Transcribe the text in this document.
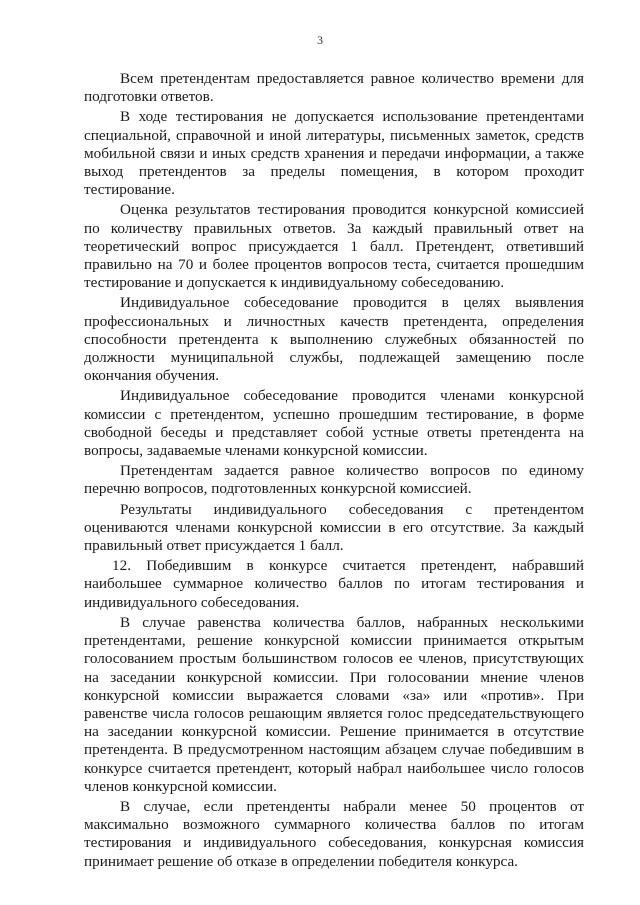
3

Всем претендентам предоставляется равное количество времени для подготовки ответов.

В ходе тестирования не допускается использование претендентами специальной, справочной и иной литературы, письменных заметок, средств мобильной связи и иных средств хранения и передачи информации, а также выход претендентов за пределы помещения, в котором проходит тестирование.

Оценка результатов тестирования проводится конкурсной комиссией по количеству правильных ответов. За каждый правильный ответ на теоретический вопрос присуждается 1 балл. Претендент, ответивший правильно на 70 и более процентов вопросов теста, считается прошедшим тестирование и допускается к индивидуальному собеседованию.

Индивидуальное собеседование проводится в целях выявления профессиональных и личностных качеств претендента, определения способности претендента к выполнению служебных обязанностей по должности муниципальной службы, подлежащей замещению после окончания обучения.

Индивидуальное собеседование проводится членами конкурсной комиссии с претендентом, успешно прошедшим тестирование, в форме свободной беседы и представляет собой устные ответы претендента на вопросы, задаваемые членами конкурсной комиссии.

Претендентам задается равное количество вопросов по единому перечню вопросов, подготовленных конкурсной комиссией.

Результаты индивидуального собеседования с претендентом оцениваются членами конкурсной комиссии в его отсутствие. За каждый правильный ответ присуждается 1 балл.

12. Победившим в конкурсе считается претендент, набравший наибольшее суммарное количество баллов по итогам тестирования и индивидуального собеседования.

В случае равенства количества баллов, набранных несколькими претендентами, решение конкурсной комиссии принимается открытым голосованием простым большинством голосов ее членов, присутствующих на заседании конкурсной комиссии. При голосовании мнение членов конкурсной комиссии выражается словами «за» или «против». При равенстве числа голосов решающим является голос председательствующего на заседании конкурсной комиссии. Решение принимается в отсутствие претендента. В предусмотренном настоящим абзацем случае победившим в конкурсе считается претендент, который набрал наибольшее число голосов членов конкурсной комиссии.

В случае, если претенденты набрали менее 50 процентов от максимально возможного суммарного количества баллов по итогам тестирования и индивидуального собеседования, конкурсная комиссия принимает решение об отказе в определении победителя конкурса.
